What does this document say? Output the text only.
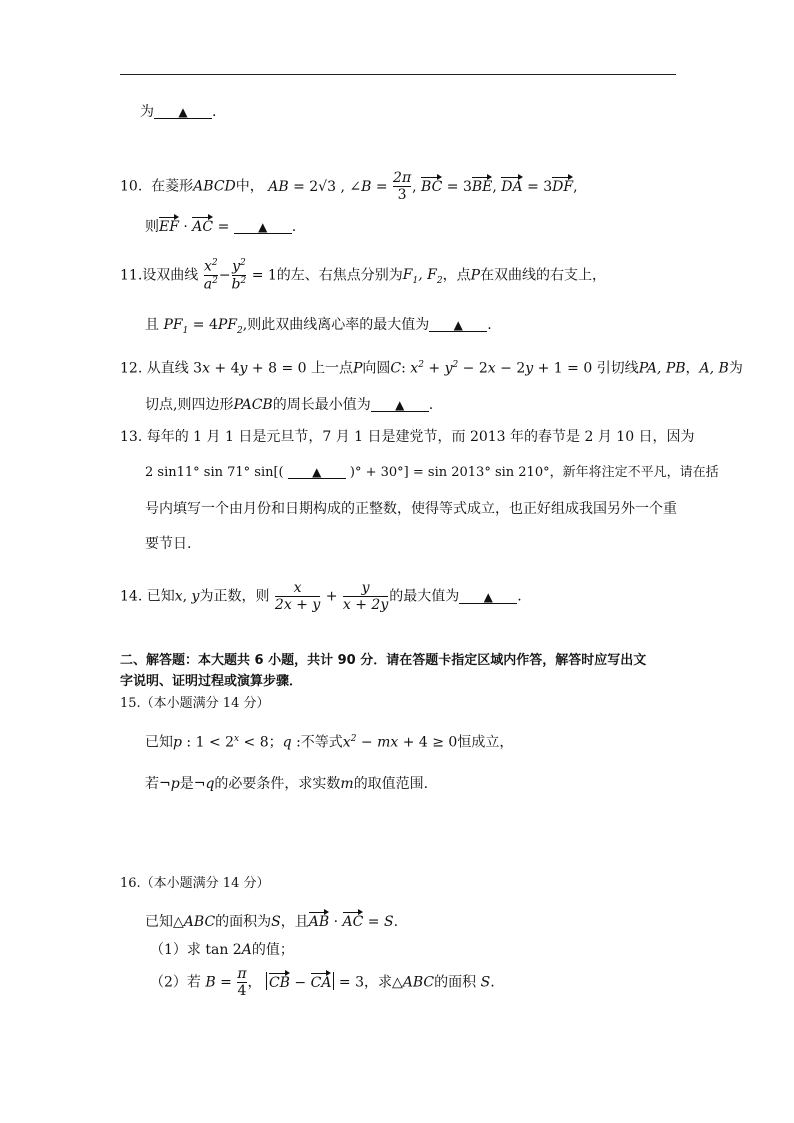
为 ▲ .
10. 在菱形ABCD中， AB = 2√3 , ∠B = $\frac{2\pi}{3}$ , BC = 3BE, DA = 3DF,
则EF · AC = ▲ .
11.设双曲线 $\frac{x^2}{a^2} - \frac{y^2}{b^2} = 1$的左、右焦点分别为$F_1$, $F_2$，点P在双曲线的右支上，
且 $PF_1 = 4PF_2$,则此双曲线离心率的最大值为 ▲ .
12. 从直线 3x + 4y + 8 = 0 上一点P向圆C: $x^2 + y^2 - 2x - 2y + 1 = 0$ 引切线PA, PB，A, B为
切点,则四边形PACB的周长最小值为 ▲ .
13. 每年的 1 月 1 日是元旦节，7 月 1 日是建党节，而 2013 年的春节是 2 月 10 日，因为
2 sin11° sin 71° sin[( ▲ )° + 30°] = sin 2013° sin 210°，新年将注定不平凡，请在括
号内填写一个由月份和日期构成的正整数，使得等式成立，也正好组成我国另外一个重
要节日.
14. 已知x, y为正数，则 $\frac{x}{2x + y} + \frac{y}{x + 2y}$ 的最大值为 ▲ .
二、解答题：本大题共 6 小题，共计 90 分．请在答题卡指定区域内作答，解答时应写出文
字说明、证明过程或演算步骤．
15.（本小题满分 14 分）
已知p : $1 < 2^x < 8$；q :不等式$x^2$ − mx + 4 ≥ 0恒成立，
若¬p是¬q的必要条件，求实数m的取值范围.
16.（本小题满分 14 分）
已知△ABC的面积为S，且AB · AC = S.
（1）求 tan 2A的值；
（2）若 $B = \frac{\pi}{4}$ ， CB − CA = 3，求△ABC的面积 S.
